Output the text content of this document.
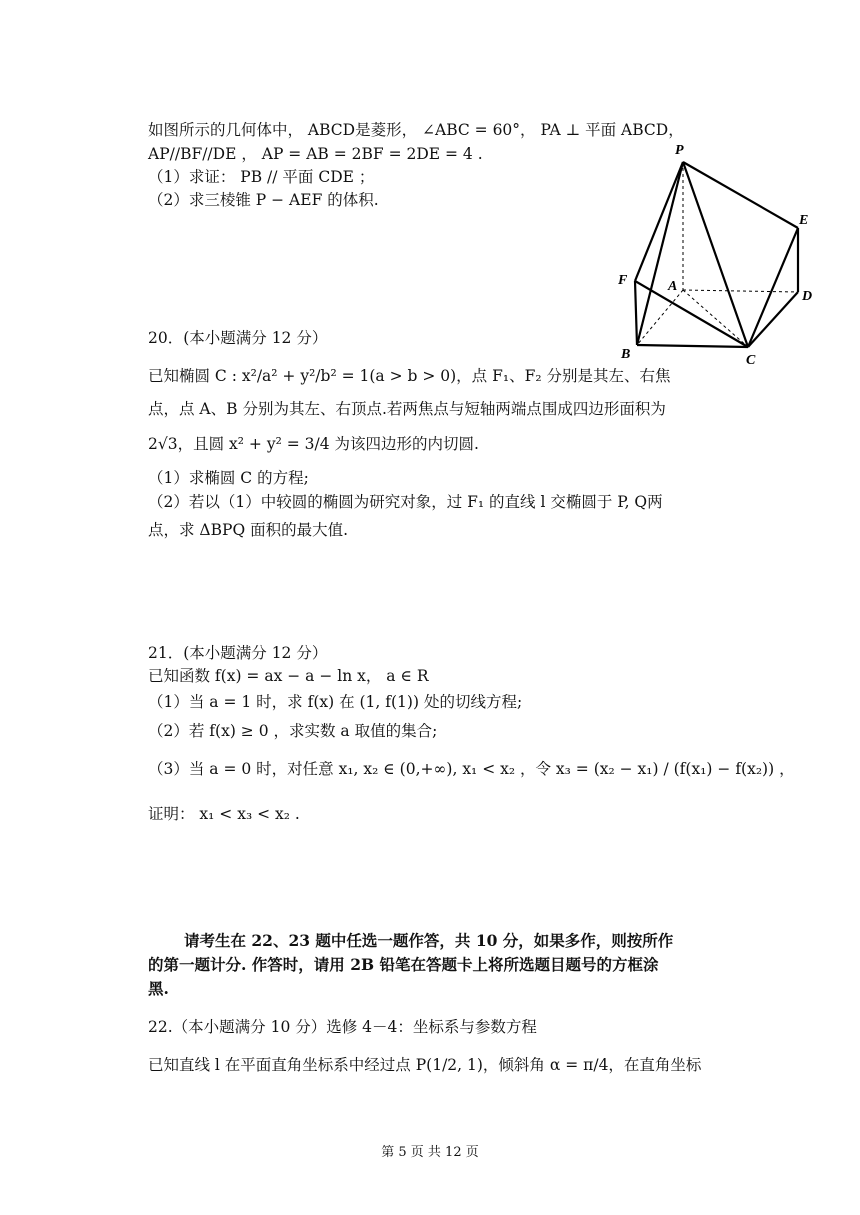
如图所示的几何体中， ABCD是菱形， ∠ABC = 60°， PA ⊥ 平面 ABCD，
AP//BF//DE ， AP = AB = 2BF = 2DE = 4 .
（1）求证： PB // 平面 CDE ；
（2）求三棱锥 P − AEF 的体积.
P
E
F	A
D
B	C
20．(本小题满分 12 分）
已知椭圆 C : x²/a² + y²/b² = 1(a > b > 0)，点 F₁、F₂ 分别是其左、右焦
点，点 A、B 分别为其左、右顶点.若两焦点与短轴两端点围成四边形面积为
2√3，且圆 x² + y² = 3/4 为该四边形的内切圆.
（1）求椭圆 C 的方程;
（2）若以（1）中较圆的椭圆为研究对象，过 F₁ 的直线 l 交椭圆于 P, Q两
点，求 ΔBPQ 面积的最大值.
21．(本小题满分 12 分）
已知函数 f(x) = ax − a − ln x， a ∈ R
（1）当 a = 1 时，求 f(x) 在 (1, f(1)) 处的切线方程;
（2）若 f(x) ≥ 0 ，求实数 a 取值的集合;
（3）当 a = 0 时，对任意 x₁, x₂ ∈ (0,+∞), x₁ < x₂ ，令 x₃ = (x₂ − x₁) / (f(x₁) − f(x₂)) ，
证明： x₁ < x₃ < x₂ .
请考生在 22、23 题中任选一题作答，共 10 分，如果多作，则按所作
的第一题计分. 作答时，请用 2B 铅笔在答题卡上将所选题目题号的方框涂
黑.
22.（本小题满分 10 分）选修 4－4：坐标系与参数方程
已知直线 l 在平面直角坐标系中经过点 P(1/2, 1)，倾斜角 α = π/4，在直角坐标
第 5 页 共 12 页
